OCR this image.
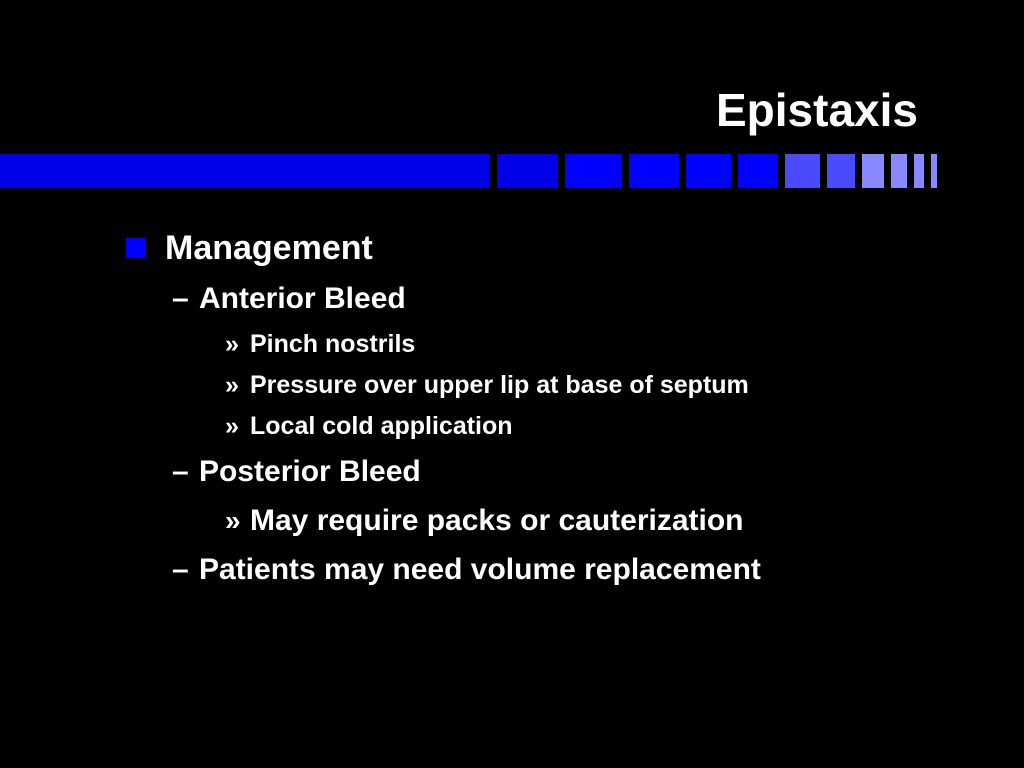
Epistaxis
Management
– Anterior Bleed
» Pinch nostrils
» Pressure over upper lip at base of septum
» Local cold application
– Posterior Bleed
» May require packs or cauterization
– Patients may need volume replacement
